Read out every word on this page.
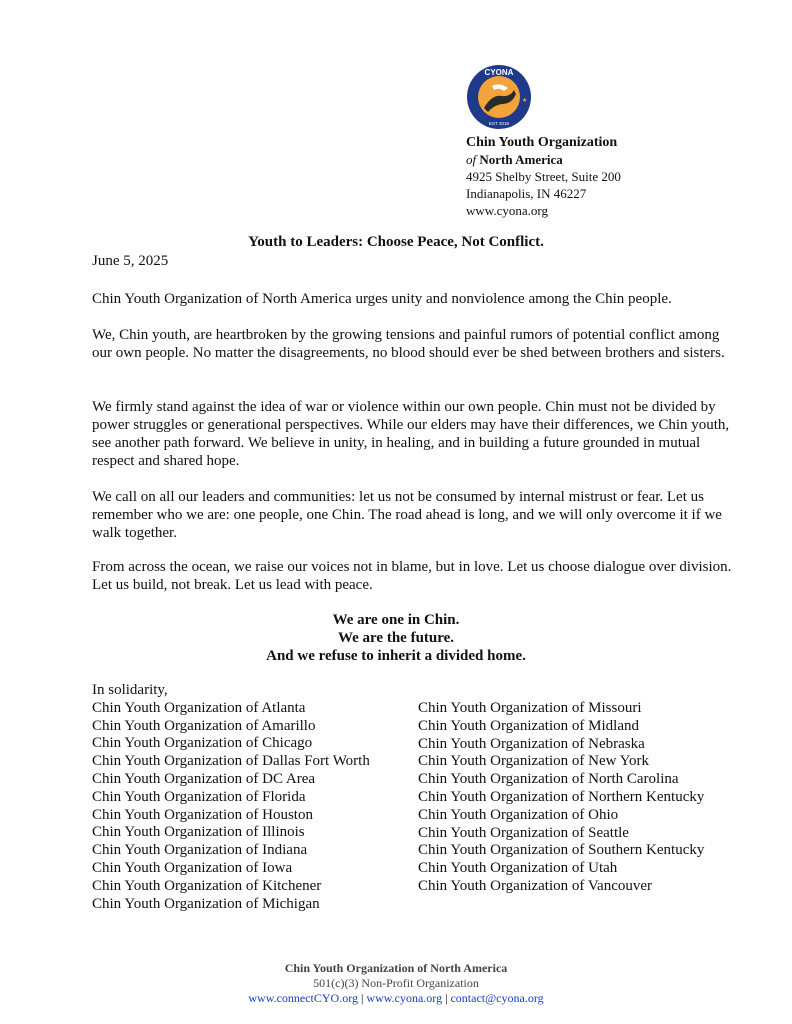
CYONA
EST 2015
★
Chin Youth Organization
of North America
4925 Shelby Street, Suite 200
Indianapolis, IN 46227
www.cyona.org
Youth to Leaders: Choose Peace, Not Conflict.
June 5, 2025

Chin Youth Organization of North America urges unity and nonviolence among the Chin people.

We, Chin youth, are heartbroken by the growing tensions and painful rumors of potential conflict among our own people. No matter the disagreements, no blood should ever be shed between brothers and sisters.

We firmly stand against the idea of war or violence within our own people. Chin must not be divided by power struggles or generational perspectives. While our elders may have their differences, we Chin youth, see another path forward. We believe in unity, in healing, and in building a future grounded in mutual respect and shared hope.

We call on all our leaders and communities: let us not be consumed by internal mistrust or fear. Let us remember who we are: one people, one Chin. The road ahead is long, and we will only overcome it if we walk together.

From across the ocean, we raise our voices not in blame, but in love. Let us choose dialogue over division. Let us build, not break. Let us lead with peace.

We are one in Chin.
We are the future.
And we refuse to inherit a divided home.
In solidarity,
Chin Youth Organization of Atlanta
Chin Youth Organization of Amarillo
Chin Youth Organization of Chicago
Chin Youth Organization of Dallas Fort Worth
Chin Youth Organization of DC Area
Chin Youth Organization of Florida
Chin Youth Organization of Houston
Chin Youth Organization of Illinois
Chin Youth Organization of Indiana
Chin Youth Organization of Iowa
Chin Youth Organization of Kitchener
Chin Youth Organization of Michigan
Chin Youth Organization of Missouri
Chin Youth Organization of Midland
Chin Youth Organization of Nebraska
Chin Youth Organization of New York
Chin Youth Organization of North Carolina
Chin Youth Organization of Northern Kentucky
Chin Youth Organization of Ohio
Chin Youth Organization of Seattle
Chin Youth Organization of Southern Kentucky
Chin Youth Organization of Utah
Chin Youth Organization of Vancouver
Chin Youth Organization of North America
501(c)(3) Non-Profit Organization
www.connectCYO.org | www.cyona.org | contact@cyona.org
